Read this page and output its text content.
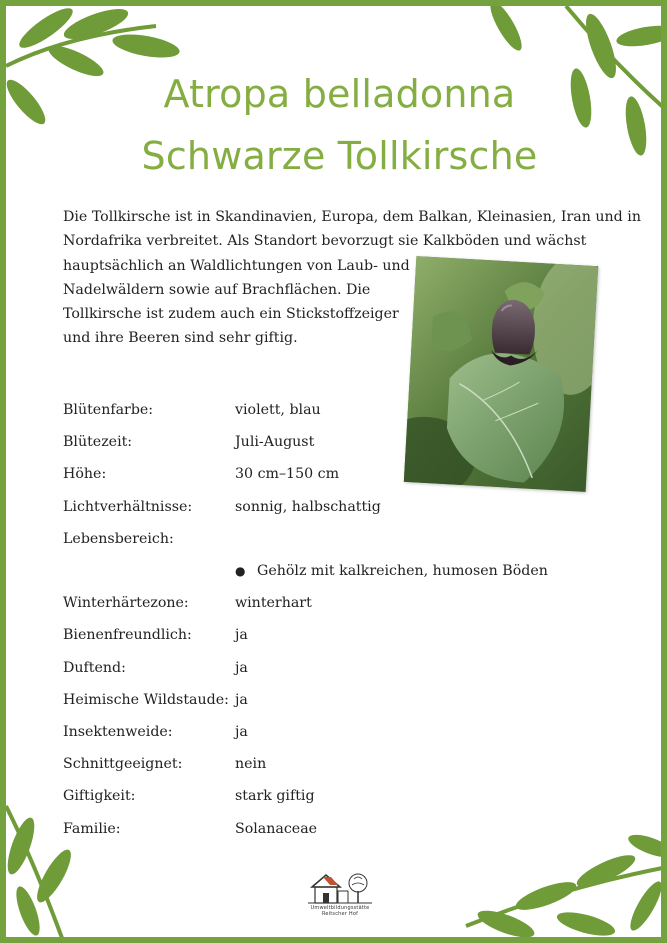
Atropa belladonna
Schwarze Tollkirsche

Die Tollkirsche ist in Skandinavien, Europa, dem Balkan, Kleinasien, Iran und in
Nordafrika verbreitet. Als Standort bevorzugt sie Kalkböden und wächst
hauptsächlich an Waldlichtungen von Laub- und
Nadelwäldern sowie auf Brachflächen. Die
Tollkirsche ist zudem auch ein Stickstoffzeiger
und ihre Beeren sind sehr giftig.

Blütenfarbe:	violett, blau
Blütezeit:	Juli-August
Höhe:	30 cm–150 cm
Lichtverhältnisse:	sonnig, halbschattig
Lebensbereich:
● Gehölz mit kalkreichen, humosen Böden
Winterhärtezone:	winterhart
Bienenfreundlich:	ja
Duftend:	ja
Heimische Wildstaude: ja
Insektenweide:	ja
Schnittgeeignet:	nein
Giftigkeit:	stark giftig
Familie:	Solanaceae
Umweltbildungsstätte
Reitscher Hof
